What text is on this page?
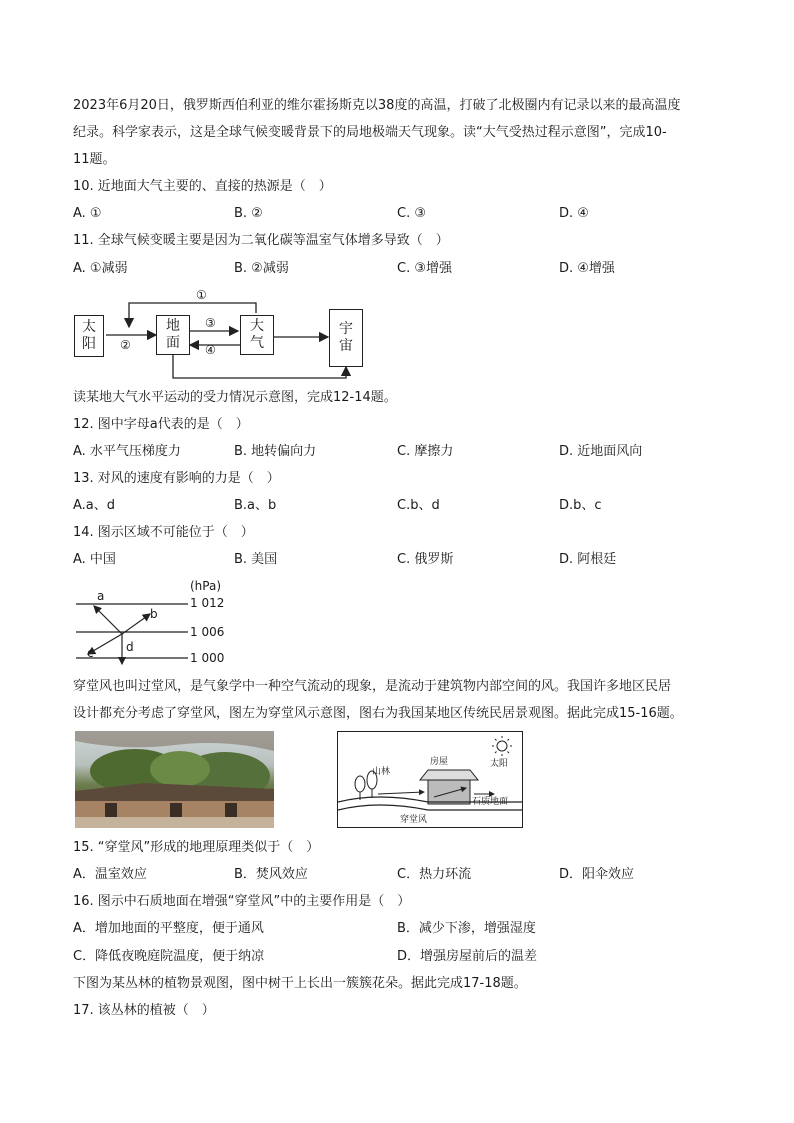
2023年6月20日，俄罗斯西伯利亚的维尔霍扬斯克以38度的高温，打破了北极圈内有记录以来的最高温度
纪录。科学家表示，这是全球气候变暖背景下的局地极端天气现象。读“大气受热过程示意图”，完成10-
11题。
10. 近地面大气主要的、直接的热源是（　）
A. ①	B. ②	C. ③	D. ④
11. 全球气候变暖主要是因为二氧化碳等温室气体增多导致（　）
A. ①减弱	B. ②减弱	C. ③增强	D. ④增强
太阳
地面
大气
宇宙
①
②
③
④
读某地大气水平运动的受力情况示意图，完成12-14题。
12. 图中字母a代表的是（　）
A. 水平气压梯度力	B. 地转偏向力	C. 摩擦力	D. 近地面风向
13. 对风的速度有影响的力是（　）
A.a、d	B.a、b	C.b、d	D.b、c
14. 图示区域不可能位于（　）
A. 中国	B. 美国	C. 俄罗斯	D. 阿根廷
(hPa)
1 012
1 006
1 000
a
b
c	d
穿堂风也叫过堂风，是气象学中一种空气流动的现象，是流动于建筑物内部空间的风。我国许多地区民居
设计都充分考虑了穿堂风，图左为穿堂风示意图，图右为我国某地区传统民居景观图。据此完成15-16题。
山林
房屋	太阳
石质地面
穿堂风
15. “穿堂风”形成的地理原理类似于（　）
A．温室效应	B．焚风效应	C．热力环流	D．阳伞效应
16. 图示中石质地面在增强“穿堂风”中的主要作用是（　）
A．增加地面的平整度，便于通风	B．减少下渗，增强湿度
C．降低夜晚庭院温度，便于纳凉	D．增强房屋前后的温差
下图为某丛林的植物景观图，图中树干上长出一簇簇花朵。据此完成17-18题。
17. 该丛林的植被（　）
